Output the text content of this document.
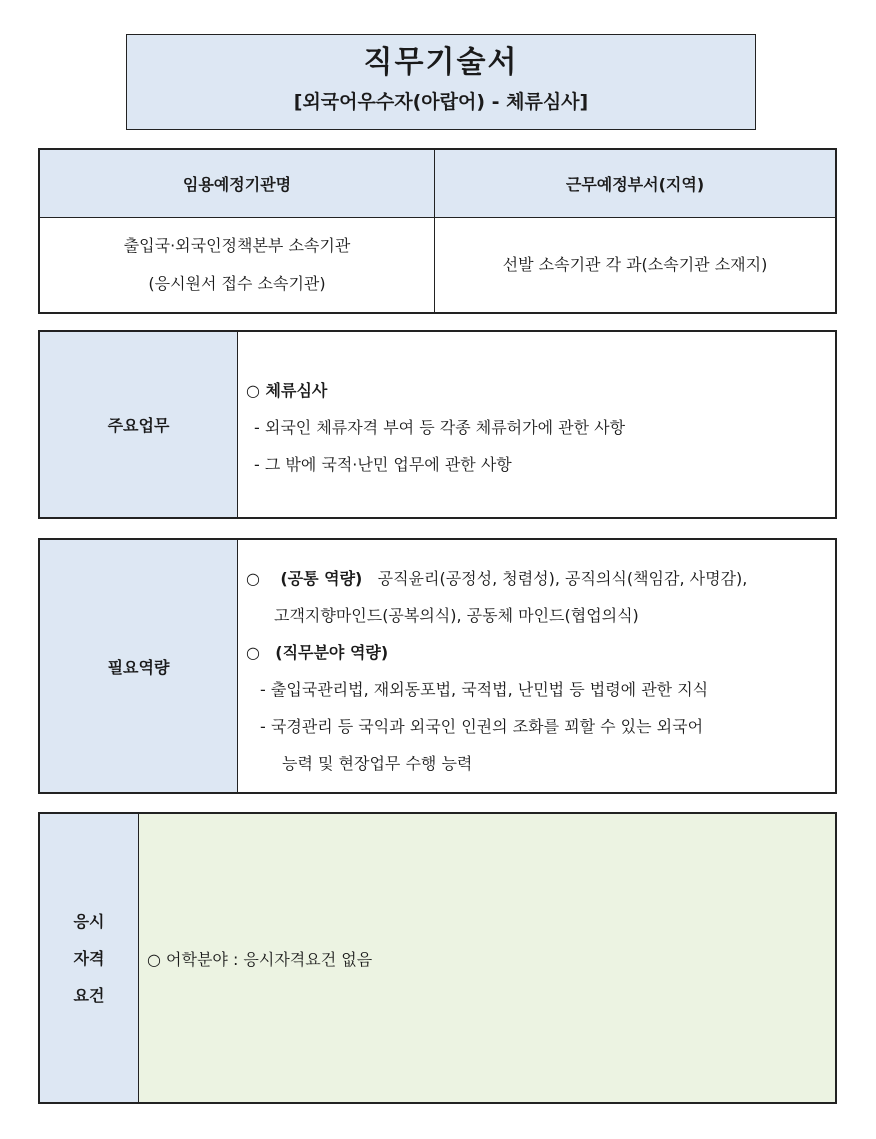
직무기술서
[외국어우수자(아랍어) - 체류심사]
임용예정기관명	근무예정부서(지역)
출입국·외국인정책본부 소속기관
(응시원서 접수 소속기관)
선발 소속기관 각 과(소속기관 소재지)
주요업무
○ 체류심사
- 외국인 체류자격 부여 등 각종 체류허가에 관한 사항
- 그 밖에 국적·난민 업무에 관한 사항
필요역량
○ (공통 역량) 공직윤리(공정성, 청렴성), 공직의식(책임감, 사명감),
고객지향마인드(공복의식), 공동체 마인드(협업의식)
○ (직무분야 역량)
- 출입국관리법, 재외동포법, 국적법, 난민법 등 법령에 관한 지식
- 국경관리 등 국익과 외국인 인권의 조화를 꾀할 수 있는 외국어
능력 및 현장업무 수행 능력
응시
자격
요건
○ 어학분야 : 응시자격요건 없음
